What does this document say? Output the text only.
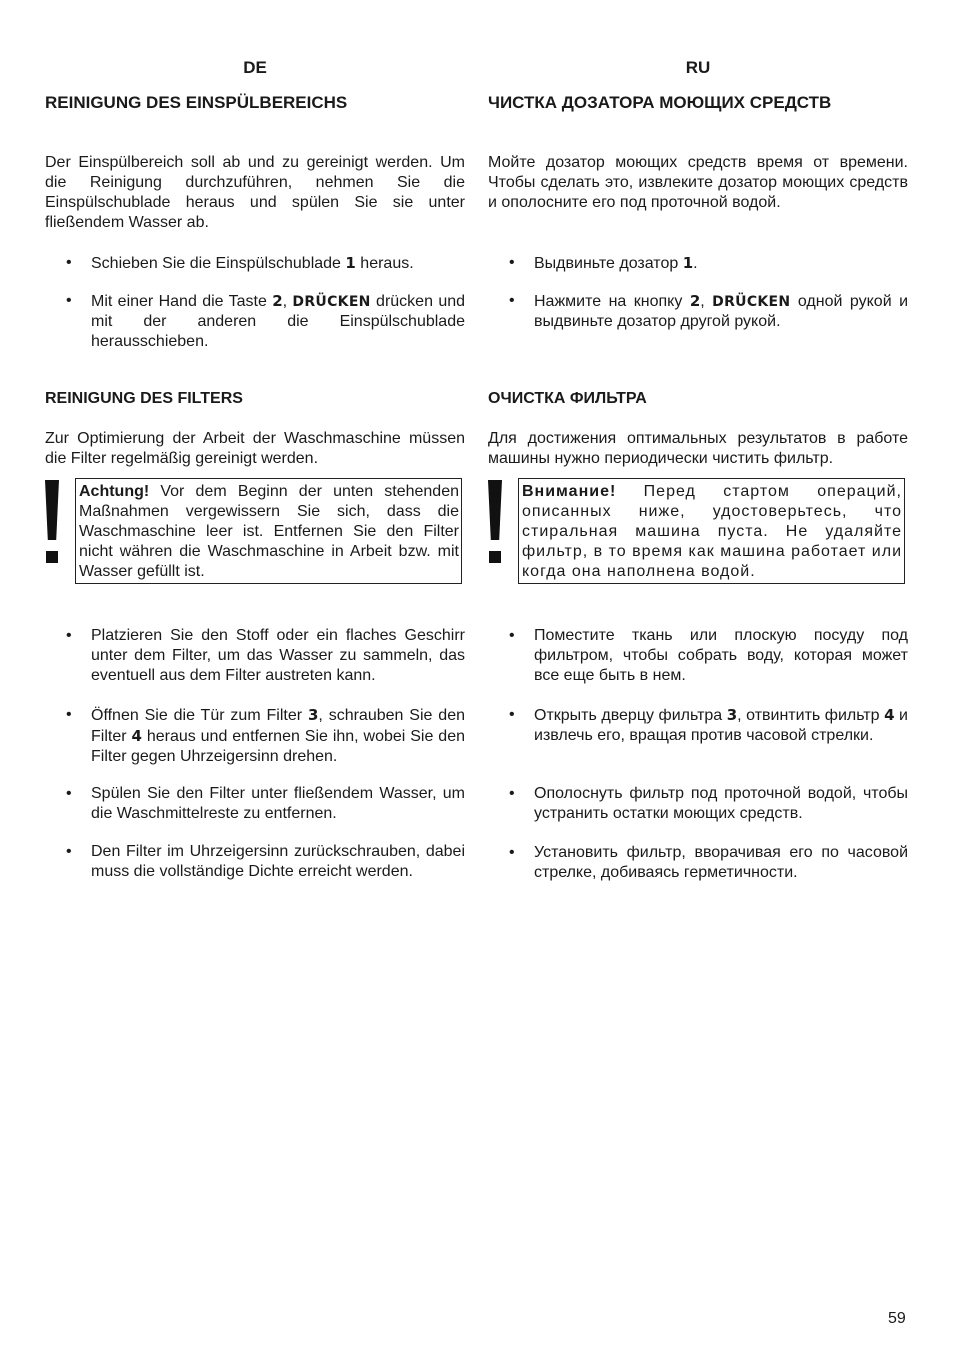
DE
REINIGUNG DES EINSPÜLBEREICHS

Der Einspülbereich soll ab und zu gereinigt werden. Um die Reinigung durchzuführen, nehmen Sie die Einspülschublade heraus und spülen Sie sie unter fließendem Wasser ab.

• Schieben Sie die Einspülschublade 1 heraus.
• Mit einer Hand die Taste 2, DRÜCKEN drücken und mit der anderen die Einspülschublade herausschieben.
REINIGUNG DES FILTERS

Zur Optimierung der Arbeit der Waschmaschine müssen die Filter regelmäßig gereinigt werden.

Achtung! Vor dem Beginn der unten stehenden Maßnahmen vergewissern Sie sich, dass die Waschmaschine leer ist. Entfernen Sie den Filter nicht währen die Waschmaschine in Arbeit bzw. mit Wasser gefüllt ist.
• Platzieren Sie den Stoff oder ein flaches Geschirr unter dem Filter, um das Wasser zu sammeln, das eventuell aus dem Filter austreten kann.
• Öffnen Sie die Tür zum Filter 3, schrauben Sie den Filter 4 heraus und entfernen Sie ihn, wobei Sie den Filter gegen Uhrzeigersinn drehen.
• Spülen Sie den Filter unter fließendem Wasser, um die Waschmittelreste zu entfernen.
• Den Filter im Uhrzeigersinn zurückschrauben, dabei muss die vollständige Dichte erreicht werden.
RU
ЧИСТКА ДОЗАТОРА МОЮЩИХ СРЕДСТВ

Мойте дозатор моющих средств время от времени. Чтобы сделать это, извлеките дозатор моющих средств и ополосните его под проточной водой.

• Выдвиньте дозатор 1.
• Нажмите на кнопку 2, DRÜCKEN одной рукой и выдвиньте дозатор другой рукой.
ОЧИСТКА ФИЛЬТРА

Для достижения оптимальных результатов в работе машины нужно периодически чистить фильтр.

Внимание! Перед стартом операций, описанных ниже, удостоверьтесь, что стиральная машина пуста. Не удаляйте фильтр, в то время как машина работает или когда она наполнена водой.
• Поместите ткань или плоскую посуду под фильтром, чтобы собрать воду, которая может все еще быть в нем.
• Открыть дверцу фильтра 3, отвинтить фильтр 4 и извлечь его, вращая против часовой стрелки.
• Ополоснуть фильтр под проточной водой, чтобы устранить остатки моющих средств.
• Установить фильтр, вворачивая его по часовой стрелке, добиваясь герметичности.
59
